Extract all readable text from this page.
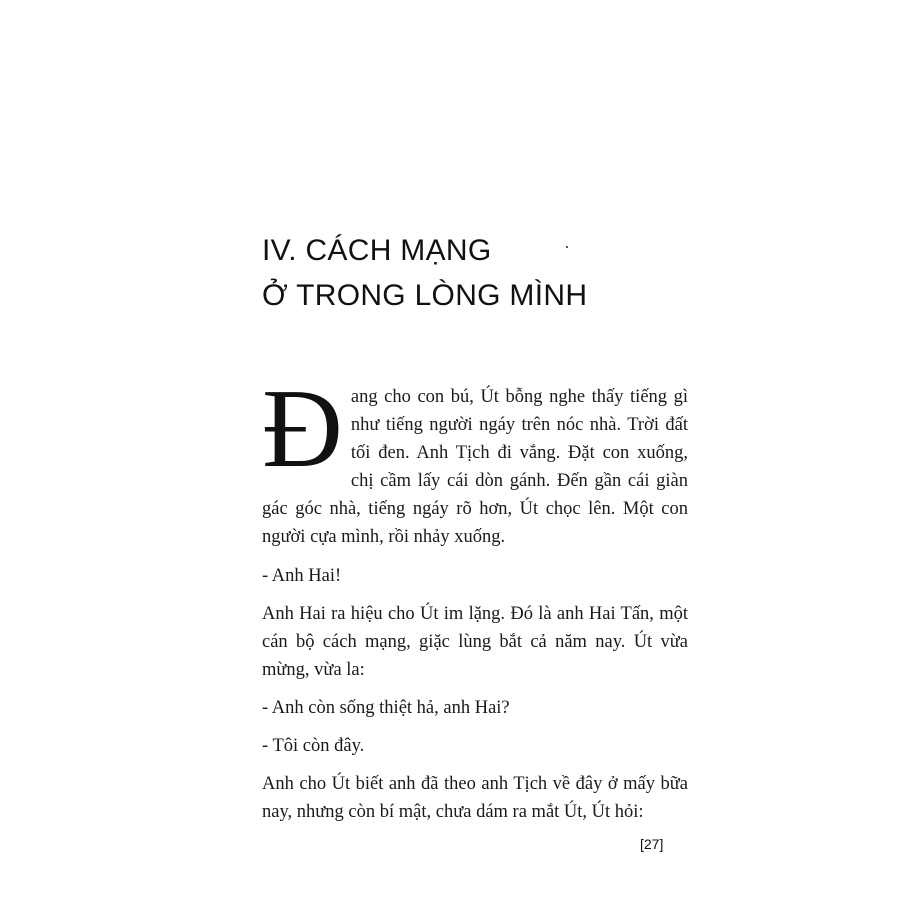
IV. CÁCH MẠNG
Ở TRONG LÒNG MÌNH

Đang cho con bú, Út bỗng nghe thấy tiếng gì như tiếng người ngáy trên nóc nhà. Trời đất tối đen. Anh Tịch đi vắng. Đặt con xuống, chị cầm lấy cái dòn gánh. Đến gần cái giàn gác góc nhà, tiếng ngáy rõ hơn, Út chọc lên. Một con người cựa mình, rồi nhảy xuống.

- Anh Hai!

Anh Hai ra hiệu cho Út im lặng. Đó là anh Hai Tấn, một cán bộ cách mạng, giặc lùng bắt cả năm nay. Út vừa mừng, vừa la:

- Anh còn sống thiệt hả, anh Hai?

- Tôi còn đây.

Anh cho Út biết anh đã theo anh Tịch về đây ở mấy bữa nay, nhưng còn bí mật, chưa dám ra mắt Út, Út hỏi:

[27]
